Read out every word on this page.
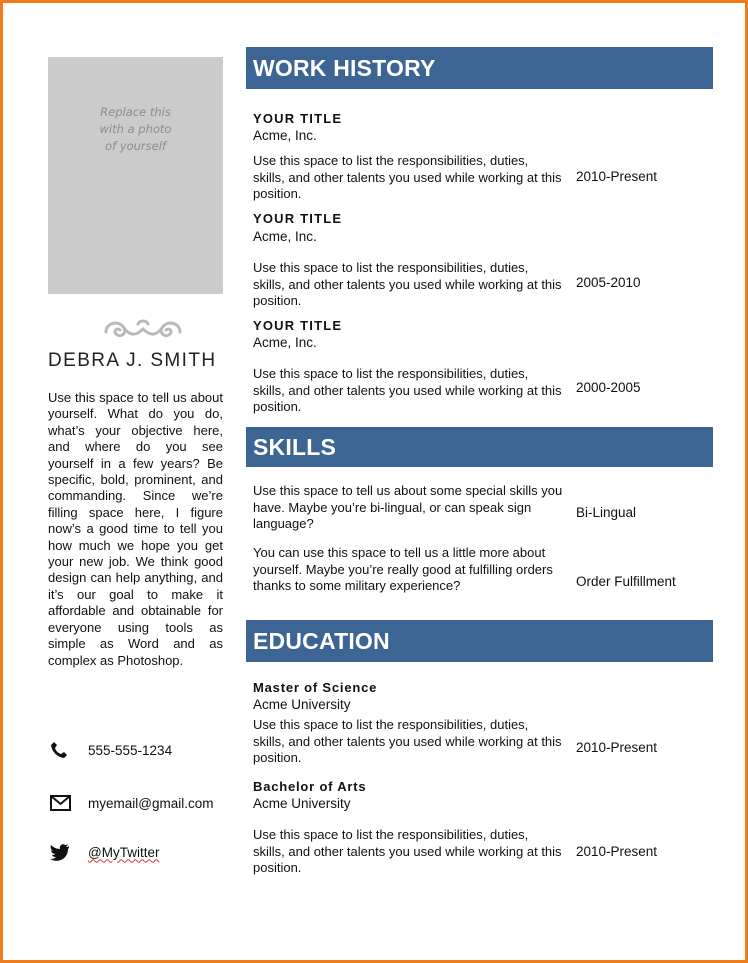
Replace this
with a photo
of yourself
DEBRA J. SMITH
Use this space to tell us about yourself. What do you do, what’s your objective here, and where do you see yourself in a few years? Be specific, bold, prominent, and commanding. Since we’re filling space here, I figure now’s a good time to tell you how much we hope you get your new job. We think good design can help anything, and it’s our goal to make it affordable and obtainable for everyone using tools as simple as Word and as complex as Photoshop.
555-555-1234
myemail@gmail.com
@MyTwitter
WORK HISTORY
YOUR TITLE
Acme, Inc.
Use this space to list the responsibilities, duties, skills, and other talents you used while working at this position.
2010-Present
YOUR TITLE
Acme, Inc.
Use this space to list the responsibilities, duties, skills, and other talents you used while working at this position.
2005-2010
YOUR TITLE
Acme, Inc.
Use this space to list the responsibilities, duties, skills, and other talents you used while working at this position.
2000-2005
SKILLS
Use this space to tell us about some special skills you have. Maybe you’re bi-lingual, or can speak sign language?
Bi-Lingual
You can use this space to tell us a little more about yourself. Maybe you’re really good at fulfilling orders thanks to some military experience?	Order Fulfillment
EDUCATION
Master of Science
Acme University
Use this space to list the responsibilities, duties, skills, and other talents you used while working at this position.
2010-Present
Bachelor of Arts
Acme University
Use this space to list the responsibilities, duties, skills, and other talents you used while working at this position.
2010-Present
